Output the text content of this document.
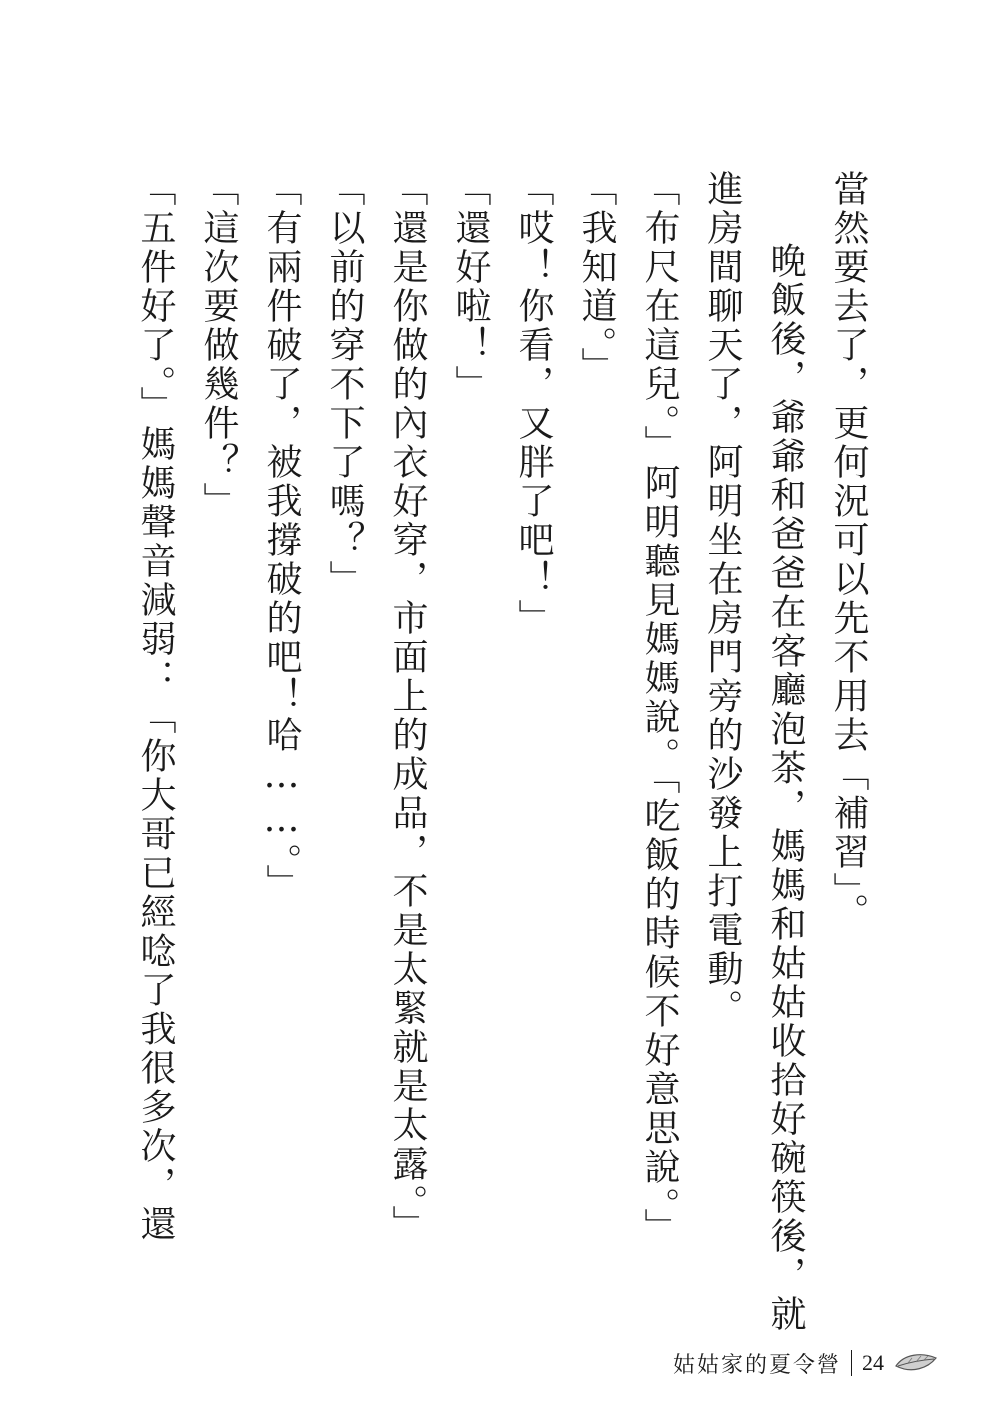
當然要去了，更何況可以先不用去「補習」。

晚飯後，爺爺和爸爸在客廳泡茶，媽媽和姑姑收拾好碗筷後，就

進房間聊天了，阿明坐在房門旁的沙發上打電動。

「布尺在這兒。」阿明聽見媽媽說。「吃飯的時候不好意思說。」

「我知道。」

「哎！你看，又胖了吧！」

「還好啦！」

「還是你做的內衣好穿，市面上的成品，不是太緊就是太露。」

「以前的穿不下了嗎？」

「有兩件破了，被我撐破的吧！哈……。」

「這次要做幾件？」

「五件好了。」媽媽聲音減弱：「你大哥已經唸了我很多次，還

姑姑家的夏令營 24
